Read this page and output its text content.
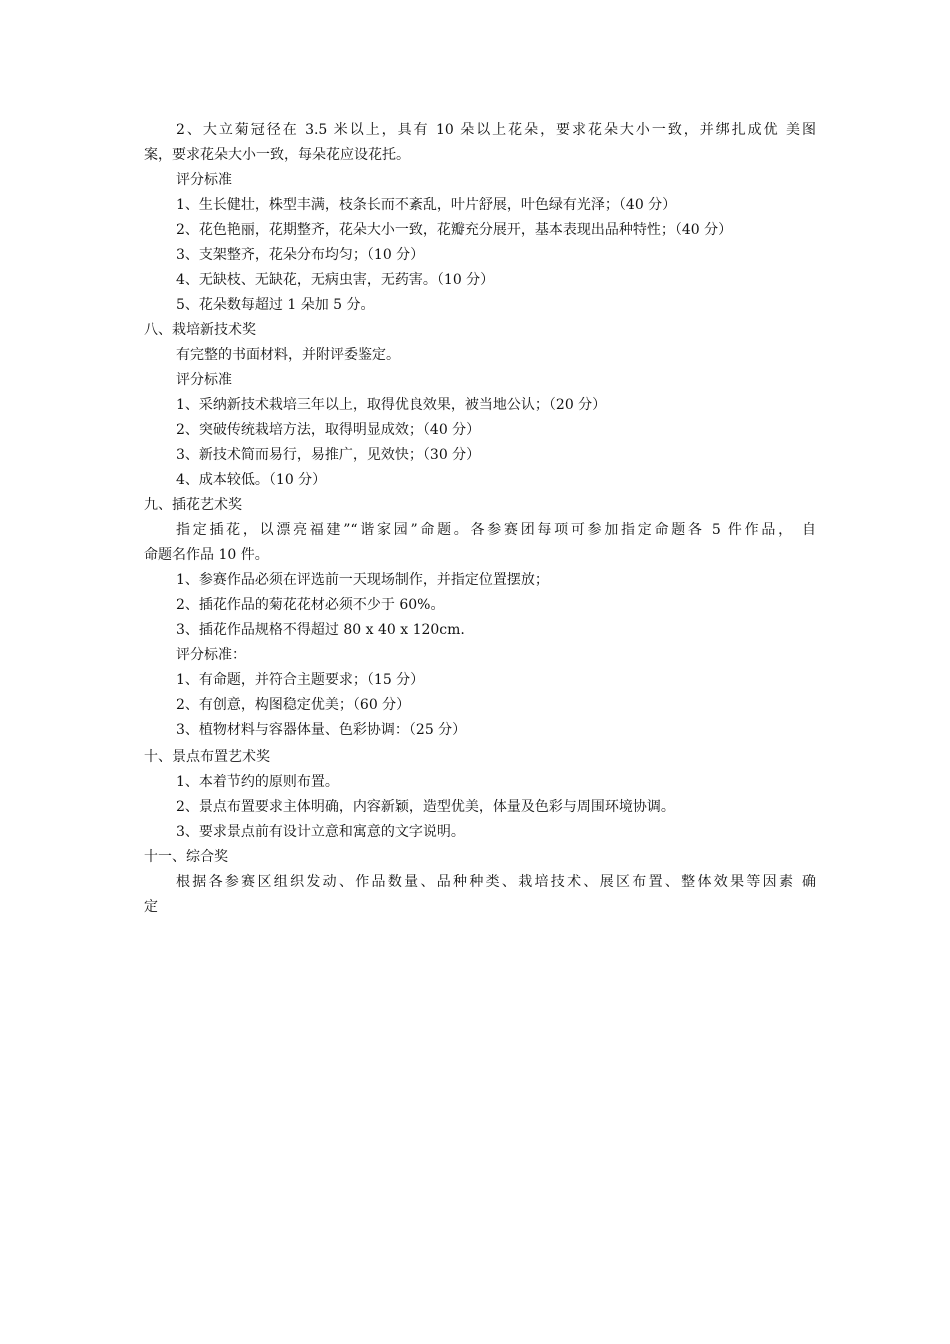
2、大立菊冠径在 3.5 米以上，具有 10 朵以上花朵，要求花朵大小一致，并绑扎成优 美图
案，要求花朵大小一致，每朵花应设花托。
评分标准
1、生长健壮，株型丰满，枝条长而不紊乱，叶片舒展，叶色绿有光泽；（40 分）
2、花色艳丽，花期整齐，花朵大小一致，花瓣充分展开，基本表现出品种特性；（40 分）
3、支架整齐，花朵分布均匀；（10 分）
4、无缺枝、无缺花，无病虫害，无药害。（10 分）
5、花朵数每超过 1 朵加 5 分。
八、栽培新技术奖
有完整的书面材料，并附评委鉴定。
评分标准
1、采纳新技术栽培三年以上，取得优良效果，被当地公认；（20 分）
2、突破传统栽培方法，取得明显成效；（40 分）
3、新技术简而易行，易推广，见效快；（30 分）
4、成本较低。（10 分）
九、插花艺术奖
指定插花，以漂亮福建”“谐家园”命题。各参赛团每项可参加指定命题各 5 件作品， 自
命题名作品 10 件。
1、参赛作品必须在评选前一天现场制作，并指定位置摆放；
2、插花作品的菊花花材必须不少于 60%。
3、插花作品规格不得超过 80 x 40 x 120cm.
评分标准：
1、有命题，并符合主题要求；（15 分）
2、有创意，构图稳定优美；（60 分）
3、植物材料与容器体量、色彩协调：（25 分）
十、景点布置艺术奖
1、本着节约的原则布置。
2、景点布置要求主体明确，内容新颖，造型优美，体量及色彩与周围环境协调。
3、要求景点前有设计立意和寓意的文字说明。
十一、综合奖
根据各参赛区组织发动、作品数量、品种种类、栽培技术、展区布置、整体效果等因素 确
定
